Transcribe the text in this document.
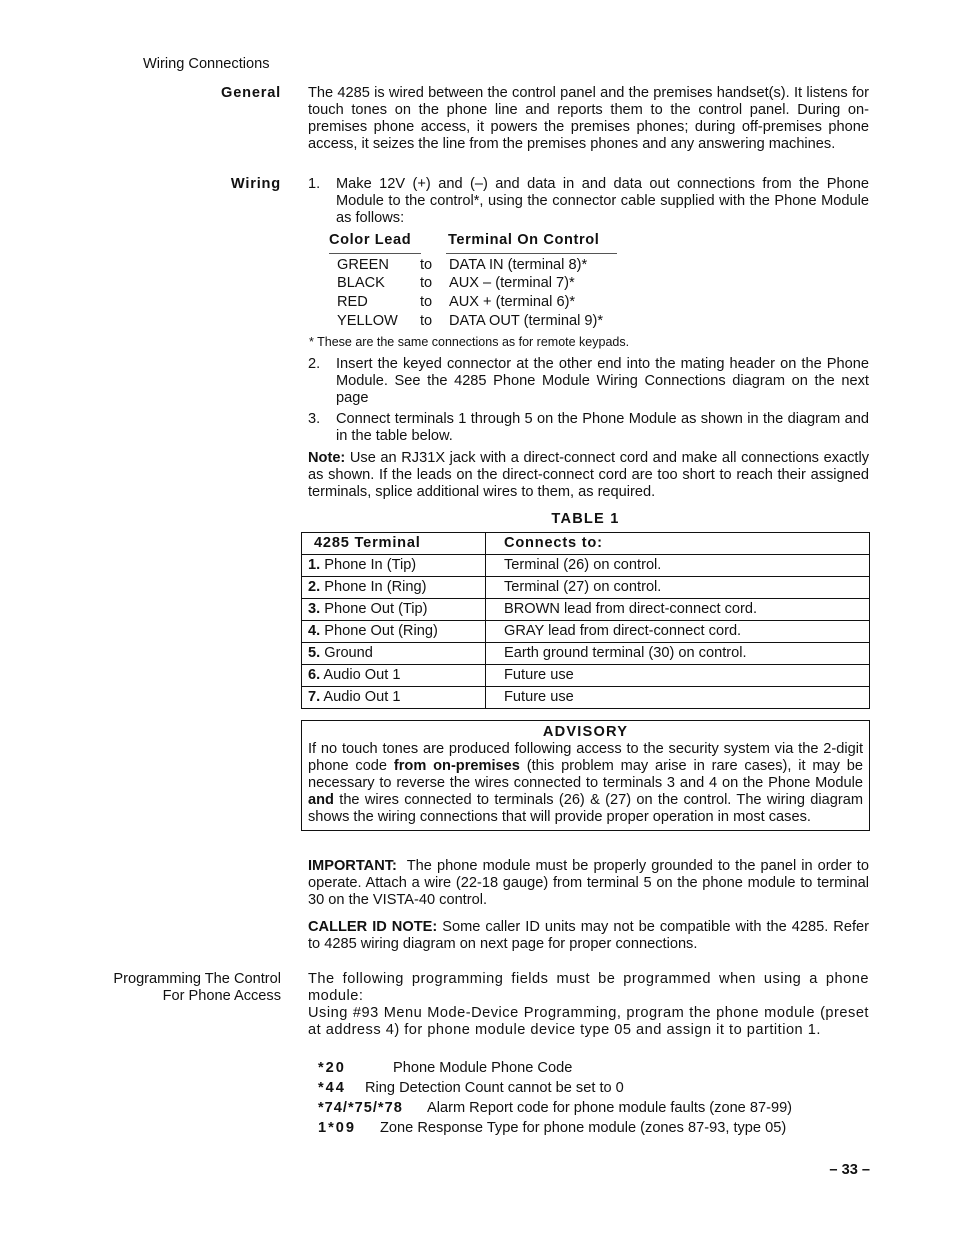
Wiring Connections
General The 4285 is wired between the control panel and the premises handset(s). It listens for touch tones on the phone line and reports them to the control panel. During on-premises phone access, it powers the premises phones; during off-premises phone access, it seizes the line from the premises phones and any answering machines.
Wiring 1. Make 12V (+) and (–) and data in and data out connections from the Phone Module to the control*, using the connector cable supplied with the Phone Module as follows:
Color Lead	Terminal On Control
GREEN to DATA IN (terminal 8)*
BLACK to AUX – (terminal 7)*
RED	to AUX + (terminal 6)*
YELLOW to DATA OUT (terminal 9)*
* These are the same connections as for remote keypads.
2. Insert the keyed connector at the other end into the mating header on the Phone Module. See the 4285 Phone Module Wiring Connections diagram on the next page
3. Connect terminals 1 through 5 on the Phone Module as shown in the diagram and in the table below.
Note: Use an RJ31X jack with a direct-connect cord and make all connections exactly as shown. If the leads on the direct-connect cord are too short to reach their assigned terminals, splice additional wires to them, as required.
TABLE 1
4285 Terminal	Connects to:
1. Phone In (Tip)	Terminal (26) on control.
2. Phone In (Ring)	Terminal (27) on control.
3. Phone Out (Tip)	BROWN lead from direct-connect cord.
4. Phone Out (Ring)	GRAY lead from direct-connect cord.
5. Ground	Earth ground terminal (30) on control.
6. Audio Out 1	Future use
7. Audio Out 1	Future use
ADVISORY
If no touch tones are produced following access to the security system via the 2-digit phone code from on-premises (this problem may arise in rare cases), it may be necessary to reverse the wires connected to terminals 3 and 4 on the Phone Module and the wires connected to terminals (26) & (27) on the control. The wiring diagram shows the wiring connections that will provide proper operation in most cases.
IMPORTANT: The phone module must be properly grounded to the panel in order to operate. Attach a wire (22-18 gauge) from terminal 5 on the phone module to terminal 30 on the VISTA-40 control.
CALLER ID NOTE: Some caller ID units may not be compatible with the 4285. Refer to 4285 wiring diagram on next page for proper connections.
Programming The Control
For Phone Access
The following programming fields must be programmed when using a phone module:
Using #93 Menu Mode-Device Programming, program the phone module (preset at address 4) for phone module device type 05 and assign it to partition 1.
*20	Phone Module Phone Code
*44 Ring Detection Count cannot be set to 0
*74/*75/*78 Alarm Report code for phone module faults (zone 87-99)
1*09 Zone Response Type for phone module (zones 87-93, type 05)
– 33 –
